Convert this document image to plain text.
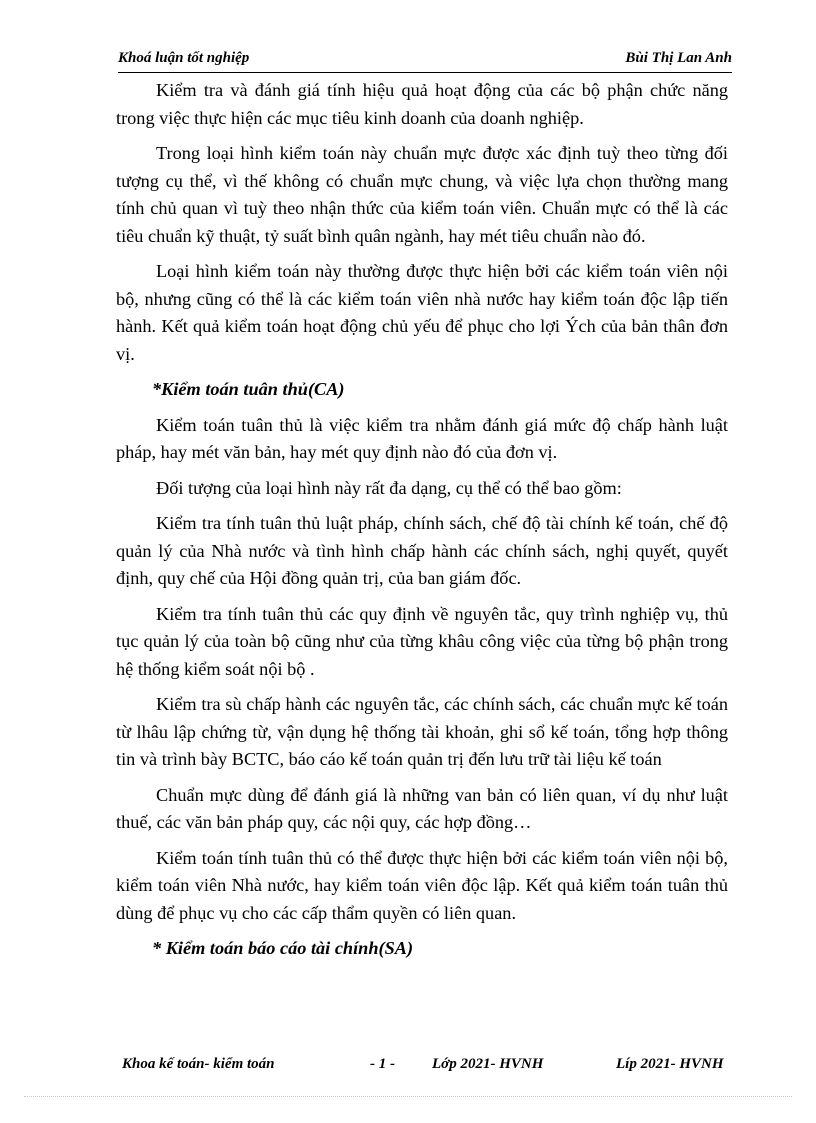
Khoá luận tốt nghiệp	Bùi Thị Lan Anh

Kiểm tra và đánh giá tính hiệu quả hoạt động của các bộ phận chức năng trong việc thực hiện các mục tiêu kinh doanh của doanh nghiệp.

Trong loại hình kiểm toán này chuẩn mực được xác định tuỳ theo từng đối tượng cụ thể, vì thế không có chuẩn mực chung, và việc lựa chọn thường mang tính chủ quan vì tuỳ theo nhận thức của kiểm toán viên. Chuẩn mực có thể là các tiêu chuẩn kỹ thuật, tỷ suất bình quân ngành, hay mét tiêu chuẩn nào đó.

Loại hình kiểm toán này thường được thực hiện bởi các kiểm toán viên nội bộ, nhưng cũng có thể là các kiểm toán viên nhà nước hay kiểm toán độc lập tiến hành. Kết quả kiểm toán hoạt động chủ yếu để phục cho lợi Ých của bản thân đơn vị.

*Kiểm toán tuân thủ(CA)

Kiểm toán tuân thủ là việc kiểm tra nhằm đánh giá mức độ chấp hành luật pháp, hay mét văn bản, hay mét quy định nào đó của đơn vị.

Đối tượng của loại hình này rất đa dạng, cụ thể có thể bao gồm:

Kiểm tra tính tuân thủ luật pháp, chính sách, chế độ tài chính kế toán, chế độ quản lý của Nhà nước và tình hình chấp hành các chính sách, nghị quyết, quyết định, quy chế của Hội đồng quản trị, của ban giám đốc.

Kiểm tra tính tuân thủ các quy định về nguyên tắc, quy trình nghiệp vụ, thủ tục quản lý của toàn bộ cũng như của từng khâu công việc của từng bộ phận trong hệ thống kiểm soát nội bộ .

Kiểm tra sù chấp hành các nguyên tắc, các chính sách, các chuẩn mực kế toán từ lhâu lập chứng từ, vận dụng hệ thống tài khoản, ghi sổ kế toán, tổng hợp thông tin và trình bày BCTC, báo cáo kế toán quản trị đến lưu trữ tài liệu kế toán

Chuẩn mực dùng để đánh giá là những van bản có liên quan, ví dụ như luật thuế, các văn bản pháp quy, các nội quy, các hợp đồng…

Kiểm toán tính tuân thủ có thể được thực hiện bởi các kiểm toán viên nội bộ, kiểm toán viên Nhà nước, hay kiểm toán viên độc lập. Kết quả kiểm toán tuân thủ dùng để phục vụ cho các cấp thẩm quyền có liên quan.

* Kiểm toán báo cáo tài chính(SA)

Khoa kế toán- kiểm toán	- 1 - Lớp 2021- HVNH	Líp 2021- HVNH
